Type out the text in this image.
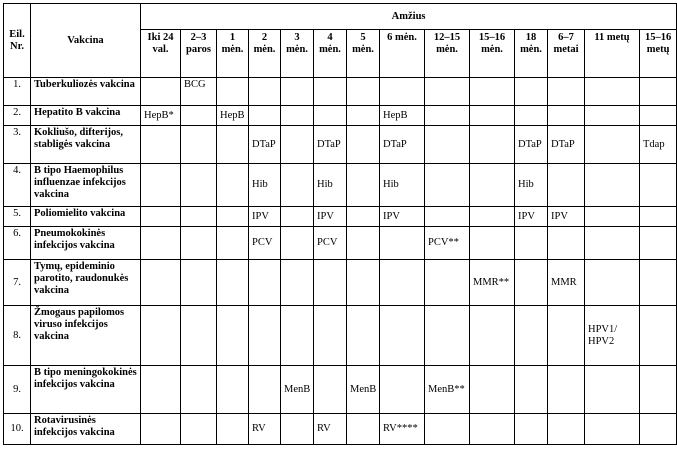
Eil. Nr.	Vakcina	Amžius													
		Iki 24 val.	2–3 paros	1 mėn.	2 mėn.	3 mėn.	4 mėn.	5 mėn.	6 mėn.	12–15 mėn.	15–16 mėn.	18 mėn.	6–7 metai	11 metų	15–16 metų
1.	Tuberkuliozės vakcina		BCG												
2.	Hepatito B vakcina	HepB*		HepB					HepB						
3.	Kokliušo, difterijos, stabligės vakcina				DTaP		DTaP		DTaP			DTaP	DTaP		Tdap
4.	B tipo Haemophilus influenzae infekcijos vakcina				Hib		Hib		Hib			Hib			
5.	Poliomielito vakcina				IPV		IPV		IPV			IPV	IPV		
6.	Pneumokokinės infekcijos vakcina				PCV		PCV			PCV**					
7.	Tymų, epideminio parotito, raudonukės vakcina										MMR**		MMR		
8.	Žmogaus papilomos viruso infekcijos vakcina													HPV1/ HPV2	
9.	B tipo meningokokinės infekcijos vakcina					MenB		MenB		MenB**					
10.	Rotavirusinės infekcijos vakcina				RV		RV		RV****						
